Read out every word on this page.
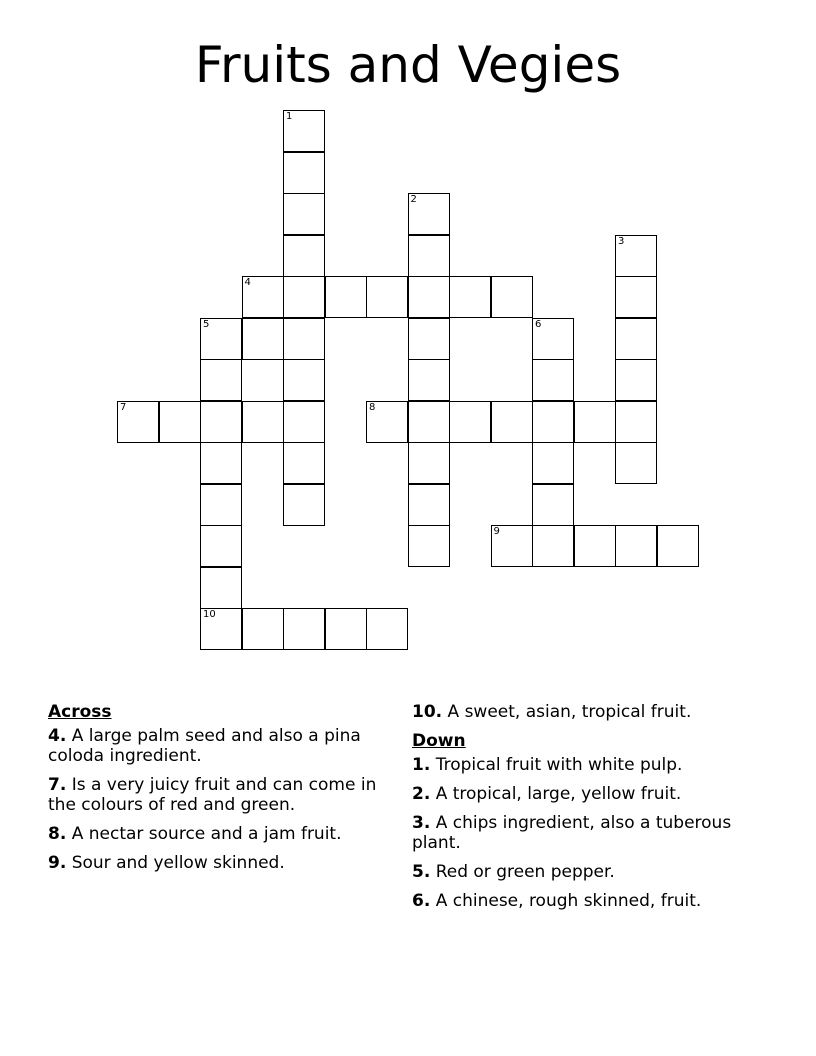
Fruits and Vegies
1
2
3
4
5	6
7	8
9
10
Across
4. A large palm seed and also a pina coloda ingredient.
7. Is a very juicy fruit and can come in the colours of red and green.
8. A nectar source and a jam fruit.
9. Sour and yellow skinned.
10. A sweet, asian, tropical fruit.
Down
1. Tropical fruit with white pulp.
2. A tropical, large, yellow fruit.
3. A chips ingredient, also a tuberous plant.
5. Red or green pepper.
6. A chinese, rough skinned, fruit.
